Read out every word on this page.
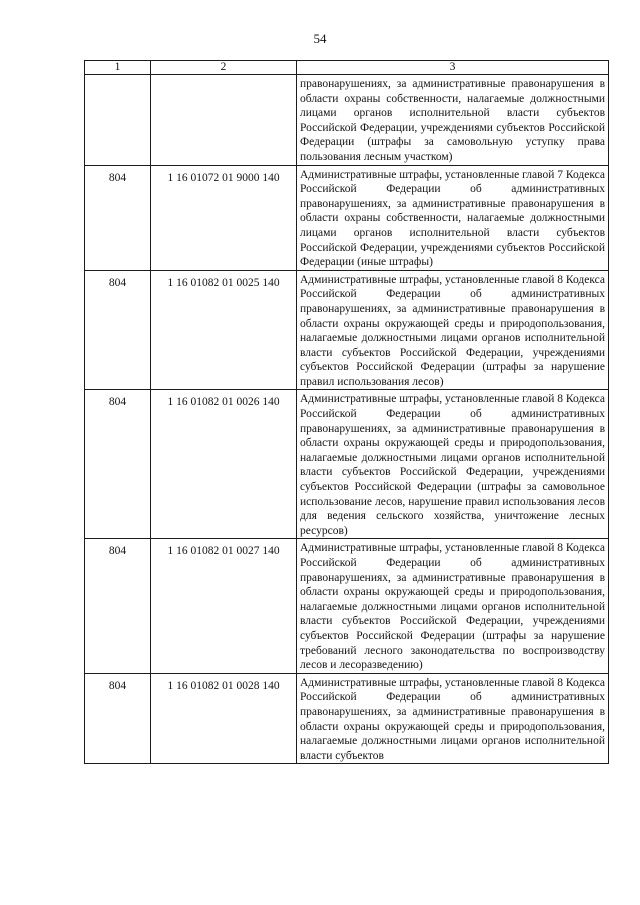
54
1	2	3
		правонарушениях, за административные правонарушения в области охраны собственности, налагаемые должностными лицами органов исполнительной власти субъектов Российской Федерации, учреждениями субъектов Российской Федерации (штрафы за самовольную уступку права пользования лесным участком)
804	1 16 01072 01 9000 140	Административные штрафы, установленные главой 7 Кодекса Российской Федерации об административных правонарушениях, за административные правонарушения в области охраны собственности, налагаемые должностными лицами органов исполнительной власти субъектов Российской Федерации, учреждениями субъектов Российской Федерации (иные штрафы)
804	1 16 01082 01 0025 140	Административные штрафы, установленные главой 8 Кодекса Российской Федерации об административных правонарушениях, за административные правонарушения в области охраны окружающей среды и природопользования, налагаемые должностными лицами органов исполнительной власти субъектов Российской Федерации, учреждениями субъектов Российской Федерации (штрафы за нарушение правил использования лесов)
804	1 16 01082 01 0026 140	Административные штрафы, установленные главой 8 Кодекса Российской Федерации об административных правонарушениях, за административные правонарушения в области охраны окружающей среды и природопользования, налагаемые должностными лицами органов исполнительной власти субъектов Российской Федерации, учреждениями субъектов Российской Федерации (штрафы за самовольное использование лесов, нарушение правил использования лесов для ведения сельского хозяйства, уничтожение лесных ресурсов)
804	1 16 01082 01 0027 140	Административные штрафы, установленные главой 8 Кодекса Российской Федерации об административных правонарушениях, за административные правонарушения в области охраны окружающей среды и природопользования, налагаемые должностными лицами органов исполнительной власти субъектов Российской Федерации, учреждениями субъектов Российской Федерации (штрафы за нарушение требований лесного законодательства по воспроизводству лесов и лесоразведению)
804	1 16 01082 01 0028 140	Административные штрафы, установленные главой 8 Кодекса Российской Федерации об административных правонарушениях, за административные правонарушения в области охраны окружающей среды и природопользования, налагаемые должностными лицами органов исполнительной власти субъектов
